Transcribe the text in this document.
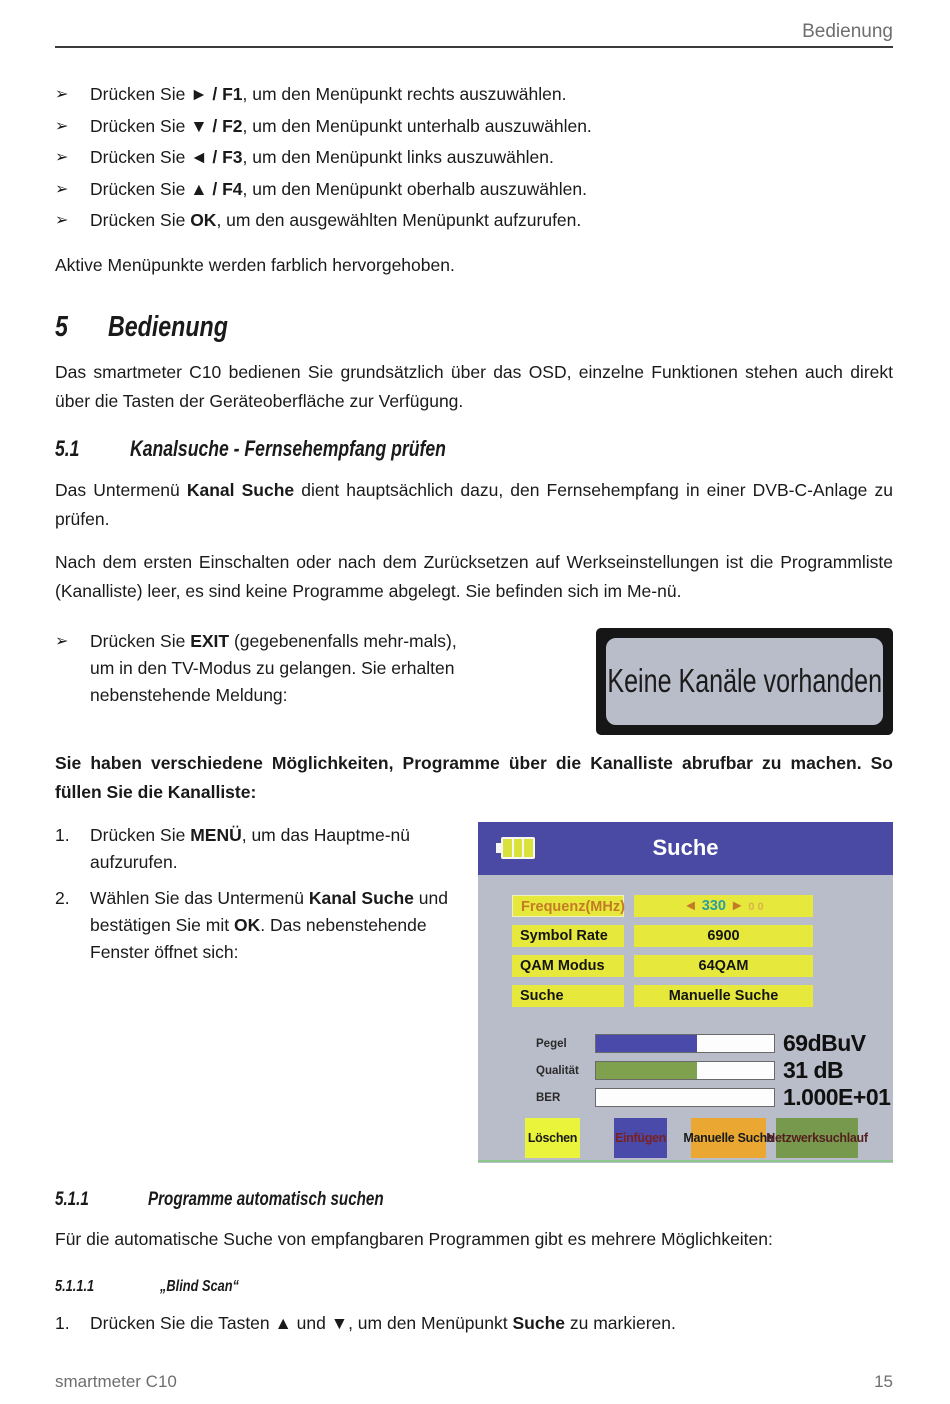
Bedienung
➢	Drücken Sie ► / F1, um den Menüpunkt rechts auszuwählen.
➢	Drücken Sie ▼ / F2, um den Menüpunkt unterhalb auszuwählen.
➢	Drücken Sie ◄ / F3, um den Menüpunkt links auszuwählen.
➢	Drücken Sie ▲ / F4, um den Menüpunkt oberhalb auszuwählen.
➢	Drücken Sie OK, um den ausgewählten Menüpunkt aufzurufen.

Aktive Menüpunkte werden farblich hervorgehoben.

5 Bedienung

Das smartmeter C10 bedienen Sie grundsätzlich über das OSD, einzelne Funktionen stehen auch direkt über die Tasten der Geräteoberfläche zur Verfügung.

5.1 Kanalsuche - Fernsehempfang prüfen

Das Untermenü Kanal Suche dient hauptsächlich dazu, den Fernsehempfang in einer DVB-C-Anlage zu prüfen.

Nach dem ersten Einschalten oder nach dem Zurücksetzen auf Werkseinstellungen ist die Programmliste (Kanalliste) leer, es sind keine Programme abgelegt. Sie befinden sich im Me-nü.

➢	Drücken Sie EXIT (gegebenenfalls mehr-mals), um in den TV-Modus zu gelangen. Sie erhalten nebenstehende Meldung:	Keine Kanäle vorhanden

Sie haben verschiedene Möglichkeiten, Programme über die Kanalliste abrufbar zu machen. So füllen Sie die Kanalliste:

1.	Drücken Sie MENÜ, um das Hauptme-nü aufzurufen.
2.	Wählen Sie das Untermenü Kanal Suche und bestätigen Sie mit OK. Das nebenstehende Fenster öffnet sich:
Suche
Frequenz(MHz)	◄ 330 ► 0 0
Symbol Rate	6900
QAM Modus	64QAM
Suche	Manuelle Suche
Pegel	69dBuV
Qualität	31 dB
BER	1.000E+01
Löschen	Einfügen Manuelle Suche
Netzwerksuchlauf
5.1.1	Programme automatisch suchen

Für die automatische Suche von empfangbaren Programmen gibt es mehrere Möglichkeiten:

5.1.1.1	„Blind Scan“
1.	Drücken Sie die Tasten ▲ und ▼, um den Menüpunkt Suche zu markieren.
smartmeter C10	15
